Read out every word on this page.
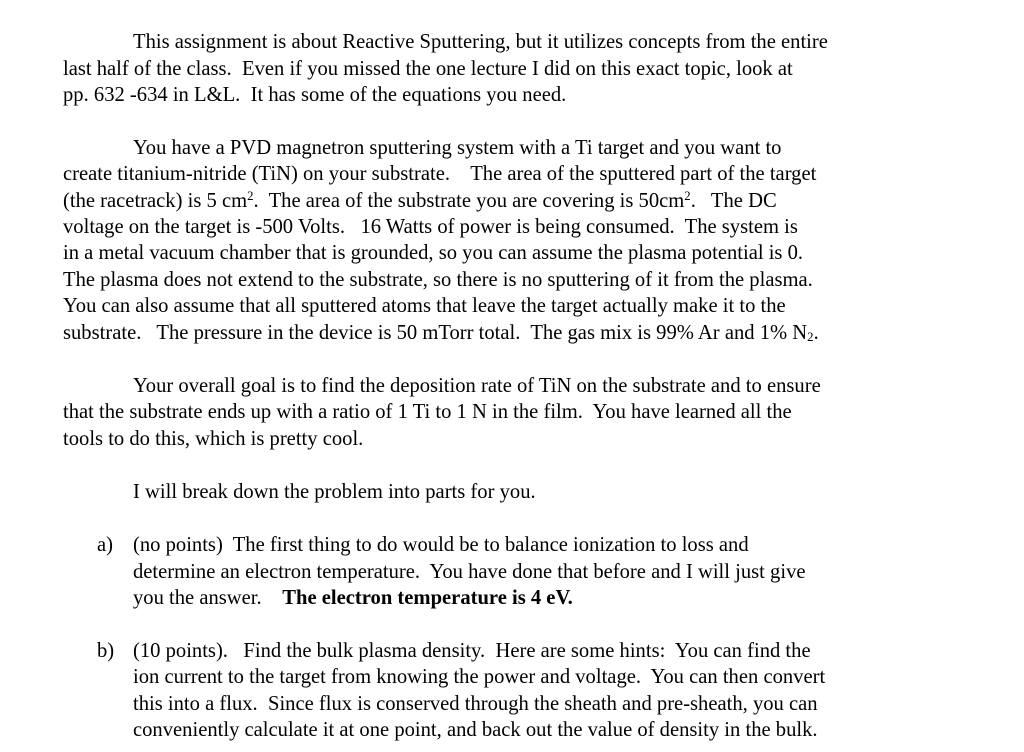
This assignment is about Reactive Sputtering, but it utilizes concepts from the entire
last half of the class.  Even if you missed the one lecture I did on this exact topic, look at
pp. 632 -634 in L&L.  It has some of the equations you need.
You have a PVD magnetron sputtering system with a Ti target and you want to
create titanium-nitride (TiN) on your substrate.    The area of the sputtered part of the target
(the racetrack) is 5 $cm^2$.  The area of the substrate you are covering is $50cm^2$.   The DC
voltage on the target is -500 Volts.   16 Watts of power is being consumed.  The system is
in a metal vacuum chamber that is grounded, so you can assume the plasma potential is 0.
The plasma does not extend to the substrate, so there is no sputtering of it from the plasma.
You can also assume that all sputtered atoms that leave the target actually make it to the
substrate.   The pressure in the device is 50 mTorr total.  The gas mix is 99% Ar and 1% $N_2$.
Your overall goal is to find the deposition rate of TiN on the substrate and to ensure
that the substrate ends up with a ratio of 1 Ti to 1 N in the film.  You have learned all the
tools to do this, which is pretty cool.
I will break down the problem into parts for you.
a) (no points)  The first thing to do would be to balance ionization to loss and
determine an electron temperature.  You have done that before and I will just give
you the answer.    The electron temperature is 4 eV.
b) (10 points).   Find the bulk plasma density.  Here are some hints:  You can find the
ion current to the target from knowing the power and voltage.  You can then convert
this into a flux.  Since flux is conserved through the sheath and pre-sheath, you can
conveniently calculate it at one point, and back out the value of density in the bulk.
